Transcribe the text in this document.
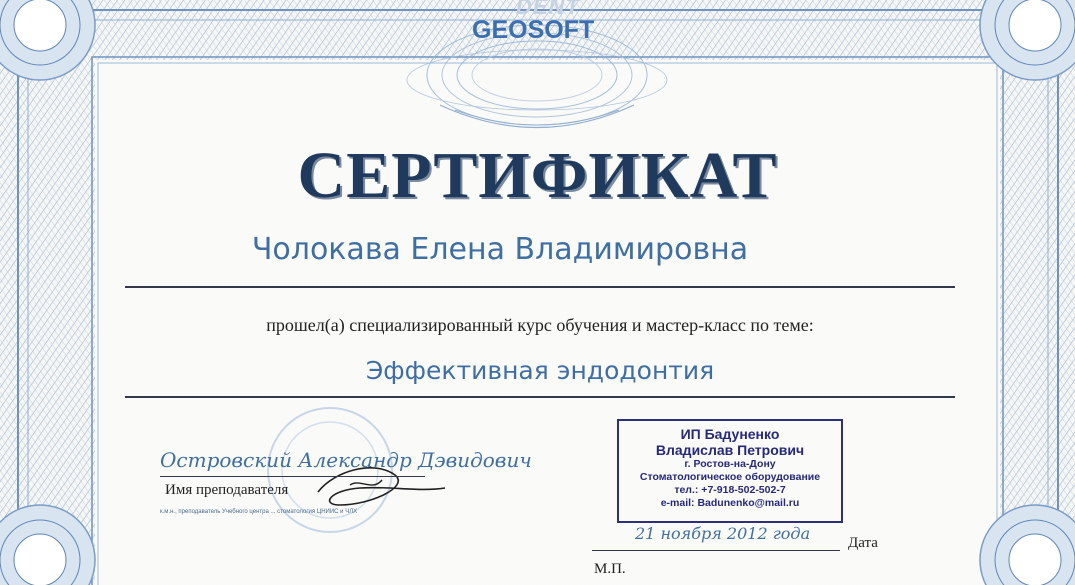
DENT
GEOSOFT
СЕРТИФИКАТ
Чолокава Елена Владимировна
прошел(а) специализированный курс обучения и мастер-класс по теме:
Эффективная эндодонтия
Островский Александр Дэвидович
Имя преподавателя
к.м.н., преподаватель Учебного центра ... стоматология ЦНИИС и ЧЛХ
ИП Бадуненко
Владислав Петрович
г. Ростов-на-Дону
Стоматологическое оборудование
тел.: +7-918-502-502-7
e-mail: Badunenko@mail.ru
21 ноября 2012 года	Дата
М.П.
